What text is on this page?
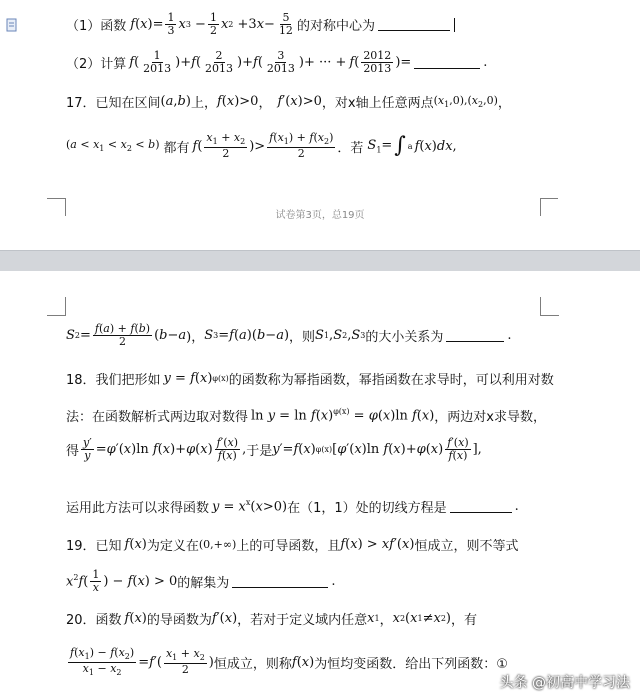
（1）函数 f ( x )= $\frac{1}{3}$ x $3 - \frac{1}{2}$ x 2 +3 $x - \frac{5}{12}$ 的对称中心为
（2）计算 f ( $\frac{1}{2013}$ )+ f ( $\frac{2}{2013}$ )+ f ( $\frac{3}{2013}$ ) + ··· + f ( $\frac{2012}{2013}$ )=	.
17．已知在区间 (a,b) 上， f(x)>0 ， f′(x)>0 ，对x轴上任意两点 $(x_1,0),(x_2,0)$ ，
$(a < x_1 < x_2 < b)$ 都有 f ( $\frac{x_1 + x_2}{2}$ )> $\frac{f(x_1) + f(x_2)}{2}$ ．若 $S_1=$ ∫ a f ( x ) dx ,
试卷第3页，总19页
S $2 = \frac{f(a) + f(b)}{2}$ ( b − a )， S 3 = f ( a )( b − a ) ，则 S 1 , S 2 , S 3 的大小关系为	.
18．我们把形如 y = f ( x ) φ(x) 的函数称为幂指函数，幂指函数在求导时，可以利用对数
法：在函数解析式两边取对数得 $\ln y = \ln f(x)^{\varphi(x)} = \varphi(x)\ln$ f(x) ，两边对x求导数，
得 $\frac{y'}{y} = \varphi$ ′( x )ln f ( x )+ φ ( x ) $\frac{f'(x)}{f(x)}$ , 于是 y ′= f ( x ) φ(x) [ φ ′( x )ln f ( x )+ φ ( x ) $\frac{f'(x)}{f(x)}$ ],
运用此方法可以求得函数 $y = x^x(x>0)$ 在（1，1）处的切线方程是	.
19．已知 f ( x ) 为定义在 (0,+∞) 上的可导函数，且 f(x) > xf′(x) 恒成立，则不等式
$x^2f( \frac{1}{x}$ ) − f(x) > 0 的解集为	.
20．函数 f ( x ) 的导函数为 f ′( x ) ，若对于定义域内任意 x 1 ， x 2 ( x 1 ≠ x 2 ) ，有
$\frac{f(x_1) - f(x_2)}{x_1 - x_2} = f$ ′( $\frac{x_1 + x_2}{2}$ ) 恒成立，则称 f ( x ) 为恒均变函数．给出下列函数：①
头条 @初高中学习法
